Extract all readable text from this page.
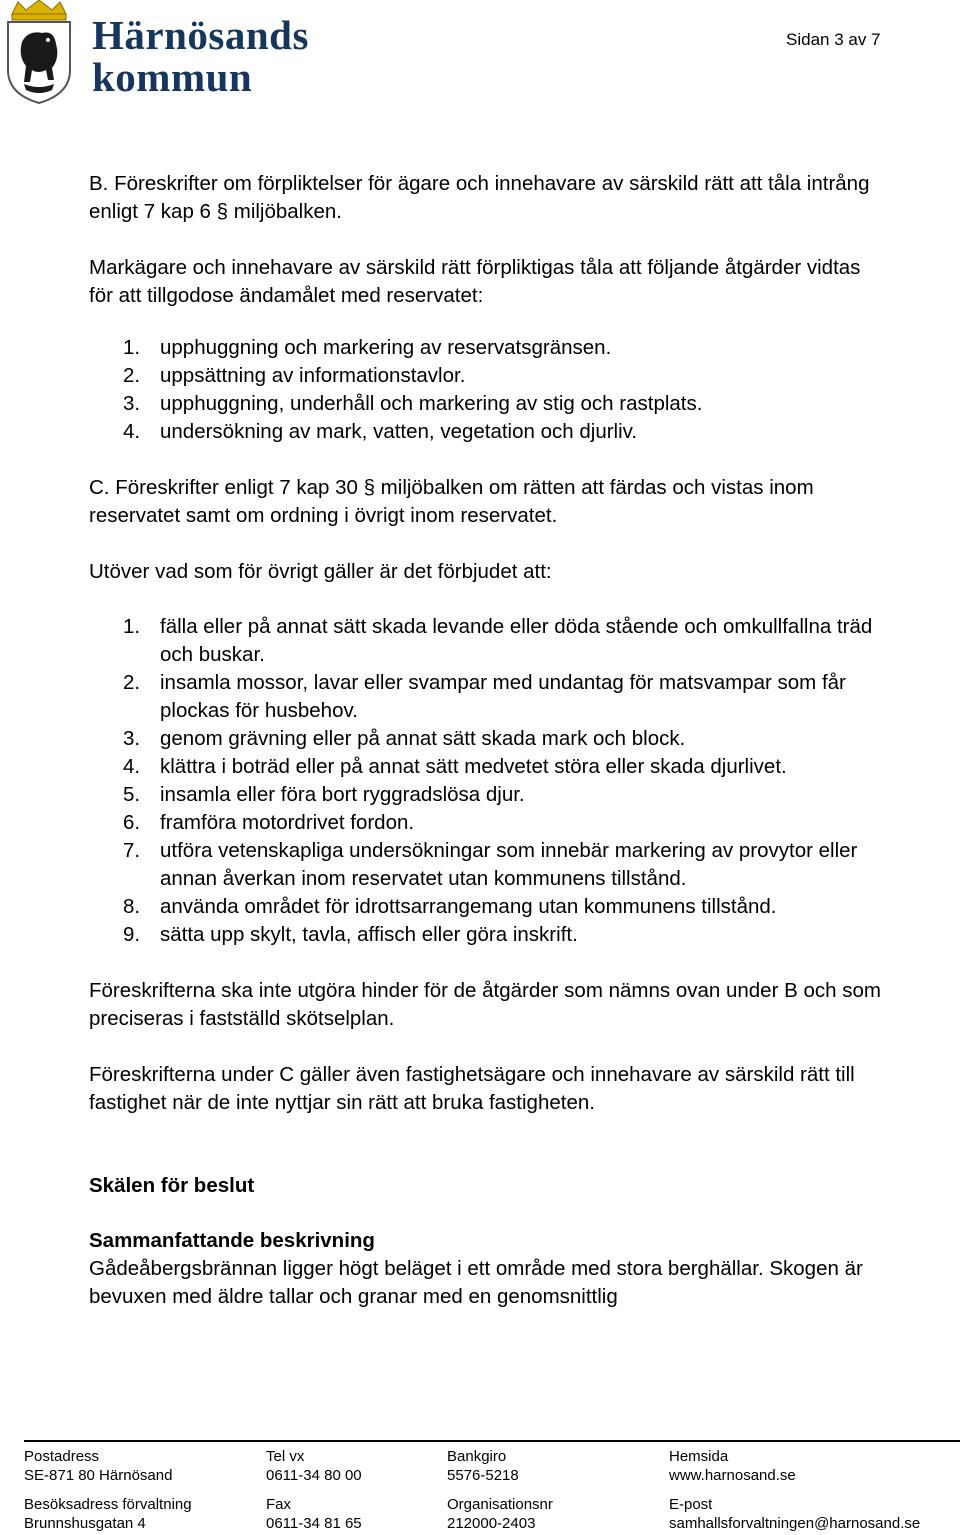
Härnösands
kommun
Sidan 3 av 7

B. Föreskrifter om förpliktelser för ägare och innehavare av särskild rätt att tåla intrång enligt 7 kap 6 § miljöbalken.

Markägare och innehavare av särskild rätt förpliktigas tåla att följande åtgärder vidtas för att tillgodose ändamålet med reservatet:

1. upphuggning och markering av reservatsgränsen.
2. uppsättning av informationstavlor.
3. upphuggning, underhåll och markering av stig och rastplats.
4. undersökning av mark, vatten, vegetation och djurliv.

C. Föreskrifter enligt 7 kap 30 § miljöbalken om rätten att färdas och vistas inom reservatet samt om ordning i övrigt inom reservatet.

Utöver vad som för övrigt gäller är det förbjudet att:

1. fälla eller på annat sätt skada levande eller döda stående och omkullfallna träd och buskar.
2. insamla mossor, lavar eller svampar med undantag för matsvampar som får plockas för husbehov.
3. genom grävning eller på annat sätt skada mark och block.
4. klättra i boträd eller på annat sätt medvetet störa eller skada djurlivet.
5. insamla eller föra bort ryggradslösa djur.
6. framföra motordrivet fordon.
7. utföra vetenskapliga undersökningar som innebär markering av provytor eller annan åverkan inom reservatet utan kommunens tillstånd.
8. använda området för idrottsarrangemang utan kommunens tillstånd.
9. sätta upp skylt, tavla, affisch eller göra inskrift.

Föreskrifterna ska inte utgöra hinder för de åtgärder som nämns ovan under B och som preciseras i fastställd skötselplan.

Föreskrifterna under C gäller även fastighetsägare och innehavare av särskild rätt till fastighet när de inte nyttjar sin rätt att bruka fastigheten.

Skälen för beslut

Sammanfattande beskrivning

Gådeåbergsbrännan ligger högt beläget i ett område med stora berghällar. Skogen är bevuxen med äldre tallar och granar med en genomsnittlig

Postadress
SE-871 80 Härnösand
Besöksadress förvaltning
Brunnshusgatan 4
Tel vx
0611-34 80 00
Fax
0611-34 81 65
Bankgiro
5576-5218
Organisationsnr
212000-2403
Hemsida
www.harnosand.se
E-post
samhallsforvaltningen@harnosand.se
